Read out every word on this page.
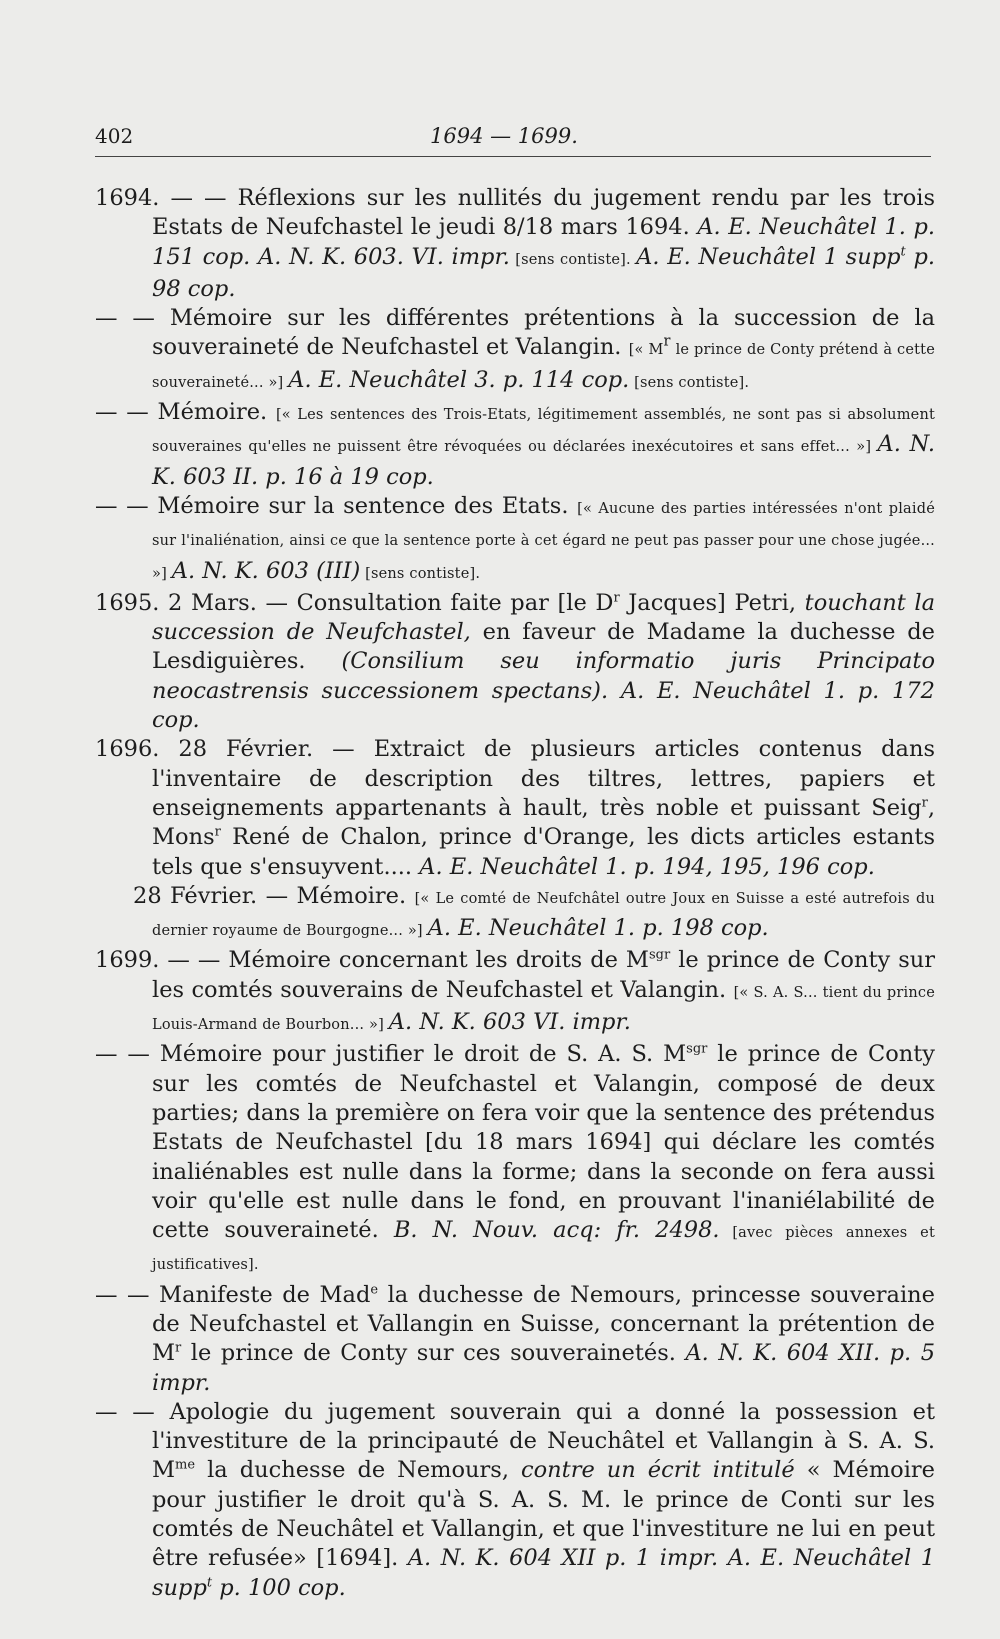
402	1694 — 1699.

1694. — — Réflexions sur les nullités du jugement rendu par les trois Estats de Neufchastel le jeudi 8/18 mars 1694. A. E. Neuchâtel 1. p. 151 cop. A. N. K. 603. VI. impr. [sens contiste]. A. E. Neuchâtel 1 supp$^t$ p. 98 cop.

— — Mémoire sur les différentes prétentions à la succession de la souveraineté de Neufchastel et Valangin. [« M$^r$ le prince de Conty prétend à cette souveraineté... »] A. E. Neuchâtel 3. p. 114 cop. [sens contiste].

— — Mémoire. [« Les sentences des Trois-Etats, légitimement assemblés, ne sont pas si absolument souveraines qu'elles ne puissent être révoquées ou déclarées inexécutoires et sans effet... »] A. N. K. 603 II. p. 16 à 19 cop.

— — Mémoire sur la sentence des Etats. [« Aucune des parties intéressées n'ont plaidé sur l'inaliénation, ainsi ce que la sentence porte à cet égard ne peut pas passer pour une chose jugée... »] A. N. K. 603 (III) [sens contiste].

1695. 2 Mars. — Consultation faite par [le $D^r$ Jacques] Petri, touchant la succession de Neufchastel, en faveur de Madame la duchesse de Lesdiguières. (Consilium seu informatio juris Principato neocastrensis successionem spectans). A. E. Neuchâtel 1. p. 172 cop.

1696. 28 Février. — Extraict de plusieurs articles contenus dans l'inventaire de description des tiltres, lettres, papiers et enseignements appartenants à hault, très noble et puissant Seig$^r$, Mons$^r$ René de Chalon, prince d'Orange, les dicts articles estants tels que s'ensuyvent.... A. E. Neuchâtel 1. p. 194, 195, 196 cop.

28 Février. — Mémoire. [« Le comté de Neufchâtel outre Joux en Suisse a esté autrefois du dernier royaume de Bourgogne... »] A. E. Neuchâtel 1. p. 198 cop.

1699. — — Mémoire concernant les droits de $M^{sgr}$ le prince de Conty sur les comtés souverains de Neufchastel et Valangin. [« S. A. S... tient du prince Louis-Armand de Bourbon... »] A. N. K. 603 VI. impr.

— — Mémoire pour justifier le droit de S. A. S. $M^{sgr}$ le prince de Conty sur les comtés de Neufchastel et Valangin, composé de deux parties; dans la première on fera voir que la sentence des prétendus Estats de Neufchastel [du 18 mars 1694] qui déclare les comtés inaliénables est nulle dans la forme; dans la seconde on fera aussi voir qu'elle est nulle dans le fond, en prouvant l'inaniélabilité de cette souveraineté. B. N. Nouv. acq: fr. 2498. [avec pièces annexes et justificatives].

— — Manifeste de Mad$^e$ la duchesse de Nemours, princesse souveraine de Neufchastel et Vallangin en Suisse, concernant la prétention de $M^r$ le prince de Conty sur ces souverainetés. A. N. K. 604 XII. p. 5 impr.

— — Apologie du jugement souverain qui a donné la possession et l'investiture de la principauté de Neuchâtel et Vallangin à S. A. S. $M^{me}$ la duchesse de Nemours, contre un écrit intitulé « Mémoire pour justifier le droit qu'à S. A. S. M. le prince de Conti sur les comtés de Neuchâtel et Vallangin, et que l'investiture ne lui en peut être refusée» [1694]. A. N. K. 604 XII p. 1 impr. A. E. Neuchâtel 1 supp$^t$ p. 100 cop.
